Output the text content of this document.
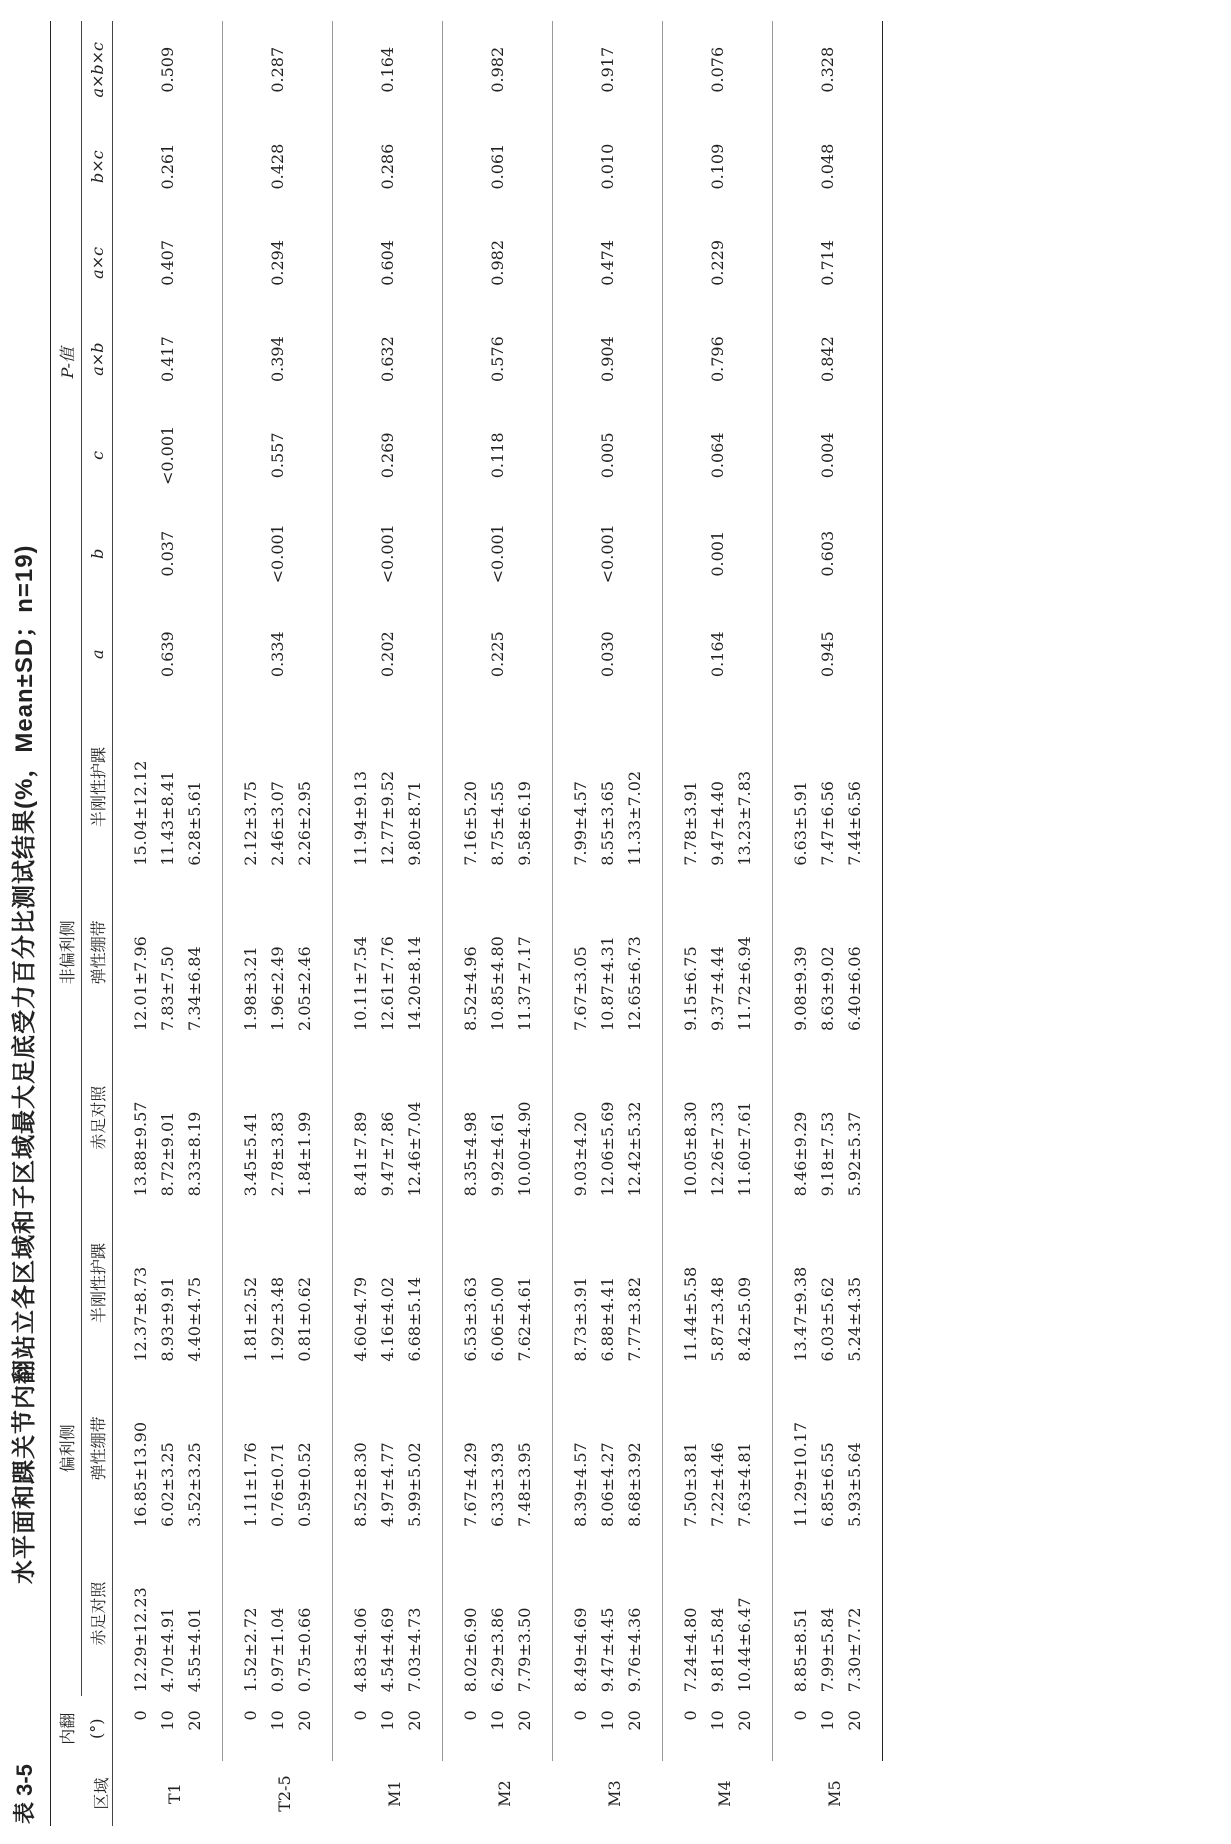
表 3-5
水平面和踝关节内翻站立各区域和子区域最大足底受力百分比测试结果(%，Mean±SD；n=19)
区域	内翻	偏利侧			非偏利侧			P-值						
	(°)	赤足对照	弹性绷带	半刚性护踝	赤足对照	弹性绷带	半刚性护踝	a	b	c	a×b	a×c	b×c	a×b×c
T1	0	12.29±12.23	16.85±13.90	12.37±8.73	13.88±9.57	12.01±7.96	15.04±12.12							
	10	4.70±4.91	6.02±3.25	8.93±9.91	8.72±9.01	7.83±7.50	11.43±8.41	0.639	0.037	<0.001	0.417	0.407	0.261	0.509
	20	4.55±4.01	3.52±3.25	4.40±4.75	8.33±8.19	7.34±6.84	6.28±5.61							
T2-5	0	1.52±2.72	1.11±1.76	1.81±2.52	3.45±5.41	1.98±3.21	2.12±3.75							
	10	0.97±1.04	0.76±0.71	1.92±3.48	2.78±3.83	1.96±2.49	2.46±3.07	0.334	<0.001	0.557	0.394	0.294	0.428	0.287
	20	0.75±0.66	0.59±0.52	0.81±0.62	1.84±1.99	2.05±2.46	2.26±2.95							
M1	0	4.83±4.06	8.52±8.30	4.60±4.79	8.41±7.89	10.11±7.54	11.94±9.13							
	10	4.54±4.69	4.97±4.77	4.16±4.02	9.47±7.86	12.61±7.76	12.77±9.52	0.202	<0.001	0.269	0.632	0.604	0.286	0.164
	20	7.03±4.73	5.99±5.02	6.68±5.14	12.46±7.04	14.20±8.14	9.80±8.71							
M2	0	8.02±6.90	7.67±4.29	6.53±3.63	8.35±4.98	8.52±4.96	7.16±5.20							
	10	6.29±3.86	6.33±3.93	6.06±5.00	9.92±4.61	10.85±4.80	8.75±4.55	0.225	<0.001	0.118	0.576	0.982	0.061	0.982
	20	7.79±3.50	7.48±3.95	7.62±4.61	10.00±4.90	11.37±7.17	9.58±6.19							
M3	0	8.49±4.69	8.39±4.57	8.73±3.91	9.03±4.20	7.67±3.05	7.99±4.57							
	10	9.47±4.45	8.06±4.27	6.88±4.41	12.06±5.69	10.87±4.31	8.55±3.65	0.030	<0.001	0.005	0.904	0.474	0.010	0.917
	20	9.76±4.36	8.68±3.92	7.77±3.82	12.42±5.32	12.65±6.73	11.33±7.02							
M4	0	7.24±4.80	7.50±3.81	11.44±5.58	10.05±8.30	9.15±6.75	7.78±3.91							
	10	9.81±5.84	7.22±4.46	5.87±3.48	12.26±7.33	9.37±4.44	9.47±4.40	0.164	0.001	0.064	0.796	0.229	0.109	0.076
	20	10.44±6.47	7.63±4.81	8.42±5.09	11.60±7.61	11.72±6.94	13.23±7.83							
M5	0	8.85±8.51	11.29±10.17	13.47±9.38	8.46±9.29	9.08±9.39	6.63±5.91							
	10	7.99±5.84	6.85±6.55	6.03±5.62	9.18±7.53	8.63±9.02	7.47±6.56	0.945	0.603	0.004	0.842	0.714	0.048	0.328
	20	7.30±7.72	5.93±5.64	5.24±4.35	5.92±5.37	6.40±6.06	7.44±6.56							
